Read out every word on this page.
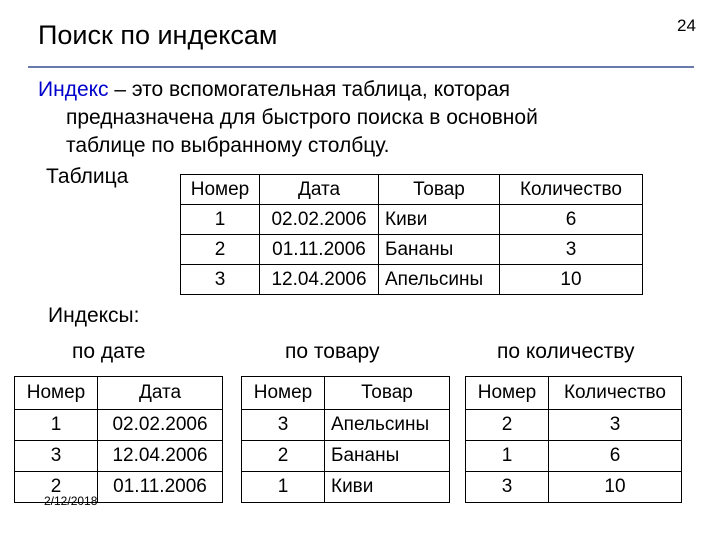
Поиск по индексам	24
Индекс – это вспомогательная таблица, которая
предназначена для быстрого поиска в основной
таблице по выбранному столбцу.
Таблица
Номер	Дата	Товар	Количество
1	02.02.2006	Киви	6
2	01.11.2006	Бананы	3
3	12.04.2006	Апельсины	10
Индексы:
по дате	по товару	по количеству
Номер	Дата
1	02.02.2006
3	12.04.2006
2	01.11.2006
Номер	Товар
3	Апельсины
2	Бананы
1	Киви
Номер	Количество
2	3
1	6
3	10
2/12/2018
